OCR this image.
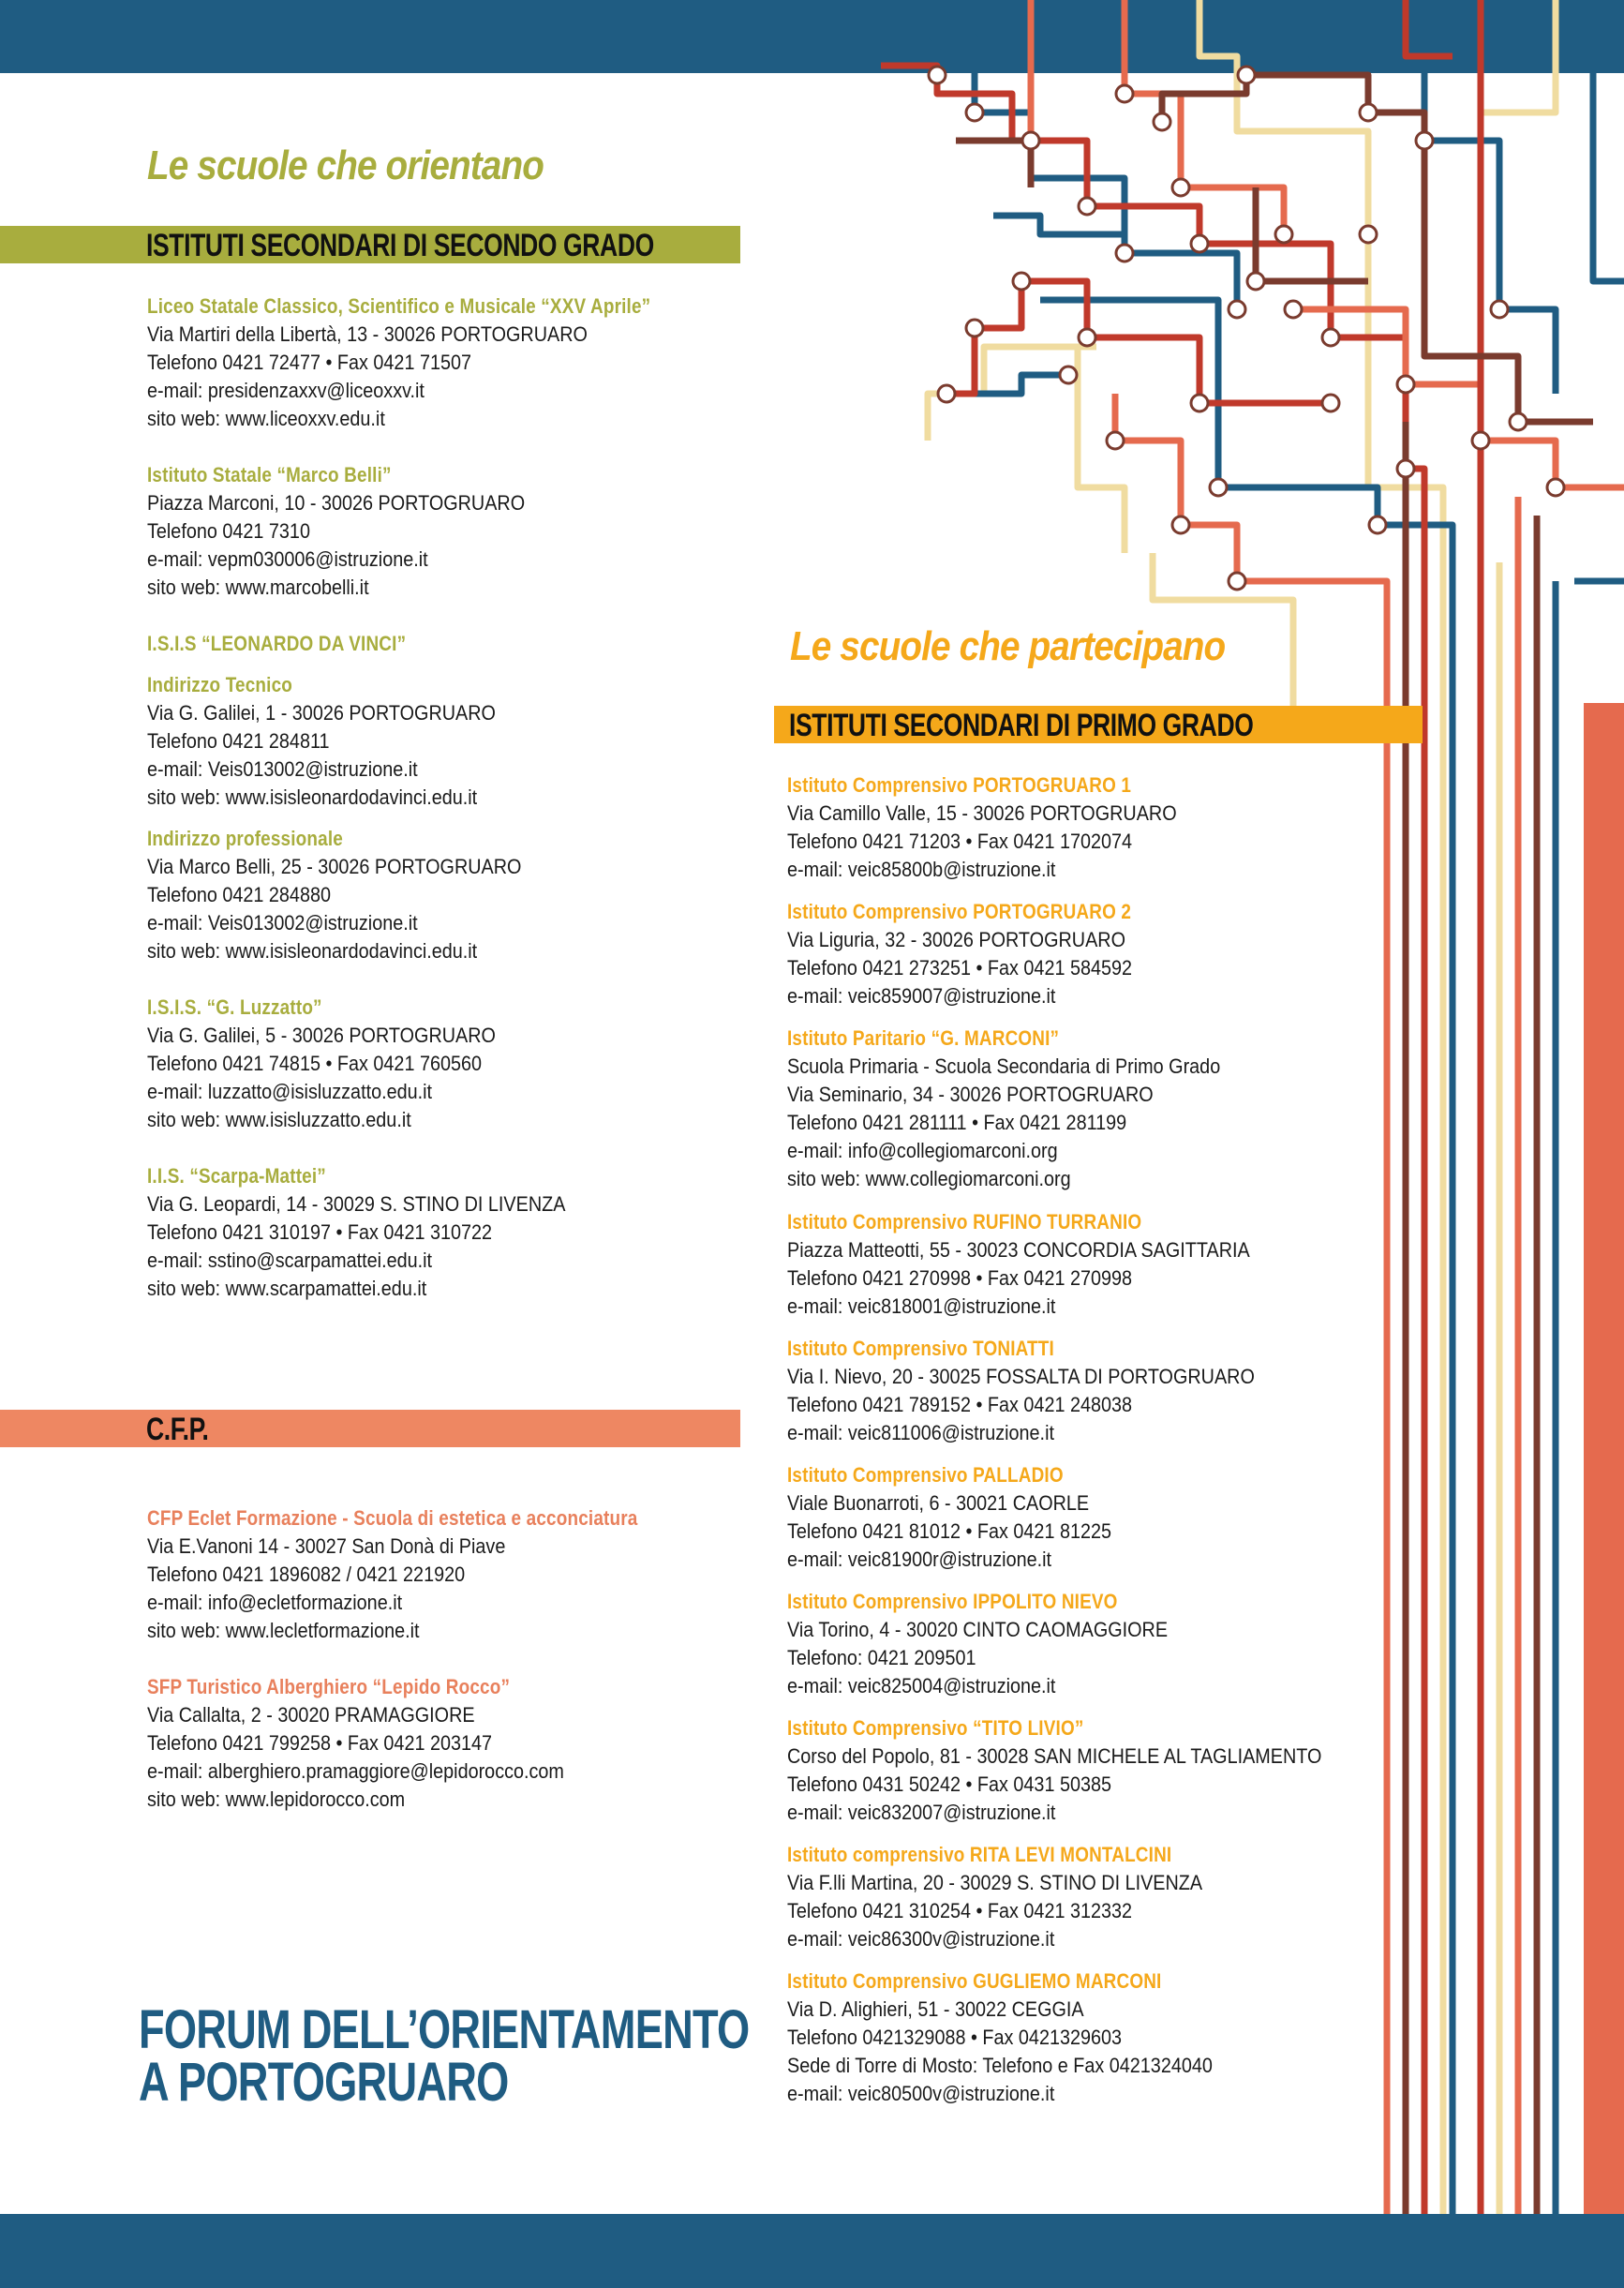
Le scuole che orientano
ISTITUTI SECONDARI DI SECONDO GRADO
Liceo Statale Classico, Scientifico e Musicale “XXV Aprile”
Via Martiri della Libertà, 13 - 30026 PORTOGRUARO
Telefono 0421 72477 • Fax 0421 71507
e-mail: presidenzaxxv@liceoxxv.it
sito web: www.liceoxxv.edu.it
Istituto Statale “Marco Belli”
Piazza Marconi, 10 - 30026 PORTOGRUARO
Telefono 0421 7310
e-mail: vepm030006@istruzione.it
sito web: www.marcobelli.it
I.S.I.S “LEONARDO DA VINCI”
Indirizzo Tecnico
Via G. Galilei, 1 - 30026 PORTOGRUARO
Telefono 0421 284811
e-mail: Veis013002@istruzione.it
sito web: www.isisleonardodavinci.edu.it
Indirizzo professionale
Via Marco Belli, 25 - 30026 PORTOGRUARO
Telefono 0421 284880
e-mail: Veis013002@istruzione.it
sito web: www.isisleonardodavinci.edu.it
I.S.I.S. “G. Luzzatto”
Via G. Galilei, 5 - 30026 PORTOGRUARO
Telefono 0421 74815 • Fax 0421 760560
e-mail: luzzatto@isisluzzatto.edu.it
sito web: www.isisluzzatto.edu.it
I.I.S. “Scarpa-Mattei”
Via G. Leopardi, 14 - 30029 S. STINO DI LIVENZA
Telefono 0421 310197 • Fax 0421 310722
e-mail: sstino@scarpamattei.edu.it
sito web: www.scarpamattei.edu.it
C.F.P.
CFP Eclet Formazione - Scuola di estetica e acconciatura
Via E.Vanoni 14 - 30027 San Donà di Piave
Telefono 0421 1896082 / 0421 221920
e-mail: info@ecletformazione.it
sito web: www.lecletformazione.it
SFP Turistico Alberghiero “Lepido Rocco”
Via Callalta, 2 - 30020 PRAMAGGIORE
Telefono 0421 799258 • Fax 0421 203147
e-mail: alberghiero.pramaggiore@lepidorocco.com
sito web: www.lepidorocco.com
FORUM DELL’ORIENTAMENTO
A PORTOGRUARO
Le scuole che partecipano
ISTITUTI SECONDARI DI PRIMO GRADO
Istituto Comprensivo PORTOGRUARO 1
Via Camillo Valle, 15 - 30026 PORTOGRUARO
Telefono 0421 71203 • Fax 0421 1702074
e-mail: veic85800b@istruzione.it
Istituto Comprensivo PORTOGRUARO 2
Via Liguria, 32 - 30026 PORTOGRUARO
Telefono 0421 273251 • Fax 0421 584592
e-mail: veic859007@istruzione.it
Istituto Paritario “G. MARCONI”
Scuola Primaria - Scuola Secondaria di Primo Grado
Via Seminario, 34 - 30026 PORTOGRUARO
Telefono 0421 281111 • Fax 0421 281199
e-mail: info@collegiomarconi.org
sito web: www.collegiomarconi.org
Istituto Comprensivo RUFINO TURRANIO
Piazza Matteotti, 55 - 30023 CONCORDIA SAGITTARIA
Telefono 0421 270998 • Fax 0421 270998
e-mail: veic818001@istruzione.it
Istituto Comprensivo TONIATTI
Via I. Nievo, 20 - 30025 FOSSALTA DI PORTOGRUARO
Telefono 0421 789152 • Fax 0421 248038
e-mail: veic811006@istruzione.it
Istituto Comprensivo PALLADIO
Viale Buonarroti, 6 - 30021 CAORLE
Telefono 0421 81012 • Fax 0421 81225
e-mail: veic81900r@istruzione.it
Istituto Comprensivo IPPOLITO NIEVO
Via Torino, 4 - 30020 CINTO CAOMAGGIORE
Telefono: 0421 209501
e-mail: veic825004@istruzione.it
Istituto Comprensivo “TITO LIVIO”
Corso del Popolo, 81 - 30028 SAN MICHELE AL TAGLIAMENTO
Telefono 0431 50242 • Fax 0431 50385
e-mail: veic832007@istruzione.it
Istituto comprensivo RITA LEVI MONTALCINI
Via F.lli Martina, 20 - 30029 S. STINO DI LIVENZA
Telefono 0421 310254 • Fax 0421 312332
e-mail: veic86300v@istruzione.it
Istituto Comprensivo GUGLIEMO MARCONI
Via D. Alighieri, 51 - 30022 CEGGIA
Telefono 0421329088 • Fax 0421329603
Sede di Torre di Mosto: Telefono e Fax 0421324040
e-mail: veic80500v@istruzione.it
